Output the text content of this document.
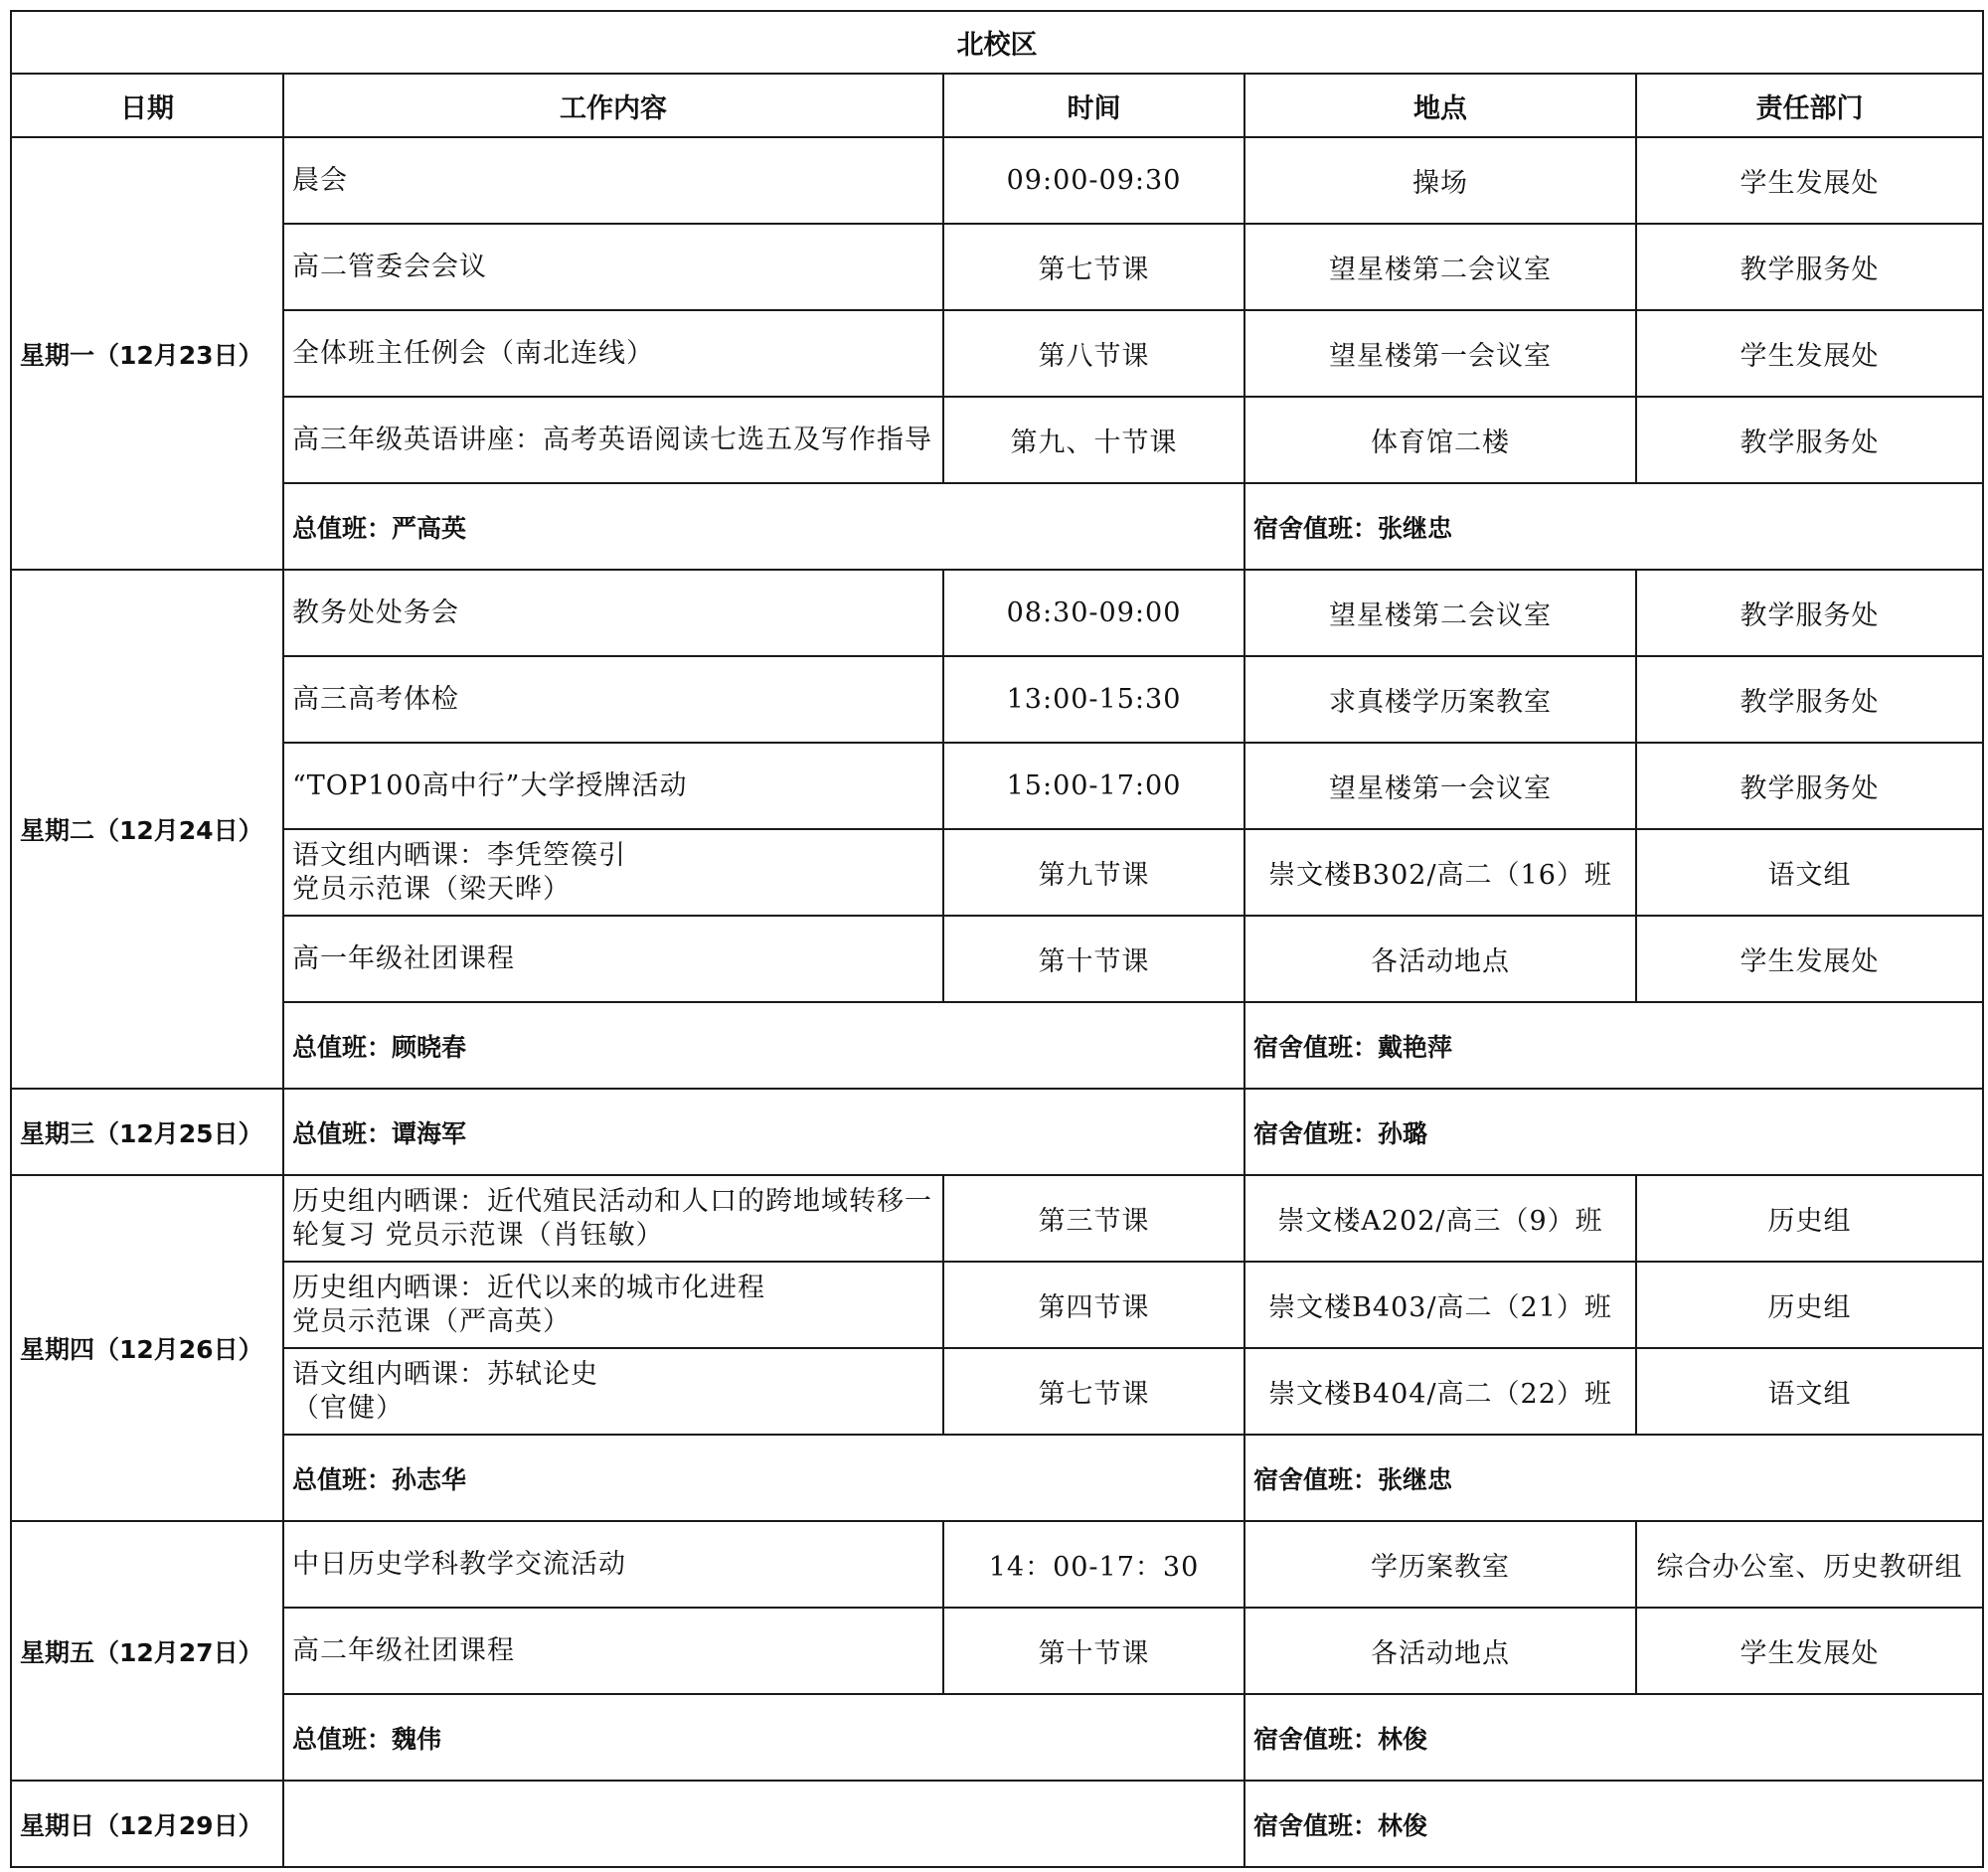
北校区				
日期	工作内容	时间	地点	责任部门
星期一（12月23日）	晨会	09:00-09:30	操场	学生发展处

	高二管委会会议	第七节课	望星楼第二会议室	教学服务处

	全体班主任例会（南北连线）	第八节课	望星楼第一会议室	学生发展处

	高三年级英语讲座：高考英语阅读七选五及写作指导	第九、十节课	体育馆二楼	教学服务处
	总值班：严高英		宿舍值班：张继忠	
星期二（12月24日）	教务处处务会	08:30-09:00	望星楼第二会议室	教学服务处

	高三高考体检	13:00-15:30	求真楼学历案教室	教学服务处

	“TOP100高中行”大学授牌活动	15:00-17:00	望星楼第一会议室	教学服务处

	语文组内晒课：李凭箜篌引
党员示范课（梁天晔）	第九节课	崇文楼B302/高二（16）班	语文组

	高一年级社团课程	第十节课	各活动地点	学生发展处
	总值班：顾晓春		宿舍值班：戴艳萍	
星期三（12月25日）	总值班：谭海军		宿舍值班：孙璐	
星期四（12月26日）	历史组内晒课：近代殖民活动和人口的跨地域转移一
轮复习 党员示范课（肖钰敏）	第三节课	崇文楼A202/高三（9）班	历史组

	历史组内晒课：近代以来的城市化进程
党员示范课（严高英）	第四节课	崇文楼B403/高二（21）班	历史组

	语文组内晒课：苏轼论史
（官健）	第七节课	崇文楼B404/高二（22）班	语文组
	总值班：孙志华		宿舍值班：张继忠	
星期五（12月27日）	中日历史学科教学交流活动	14：00-17：30	学历案教室	综合办公室、历史教研组

	高二年级社团课程	第十节课	各活动地点	学生发展处
	总值班：魏伟		宿舍值班：林俊	
星期日（12月29日）			宿舍值班：林俊	
